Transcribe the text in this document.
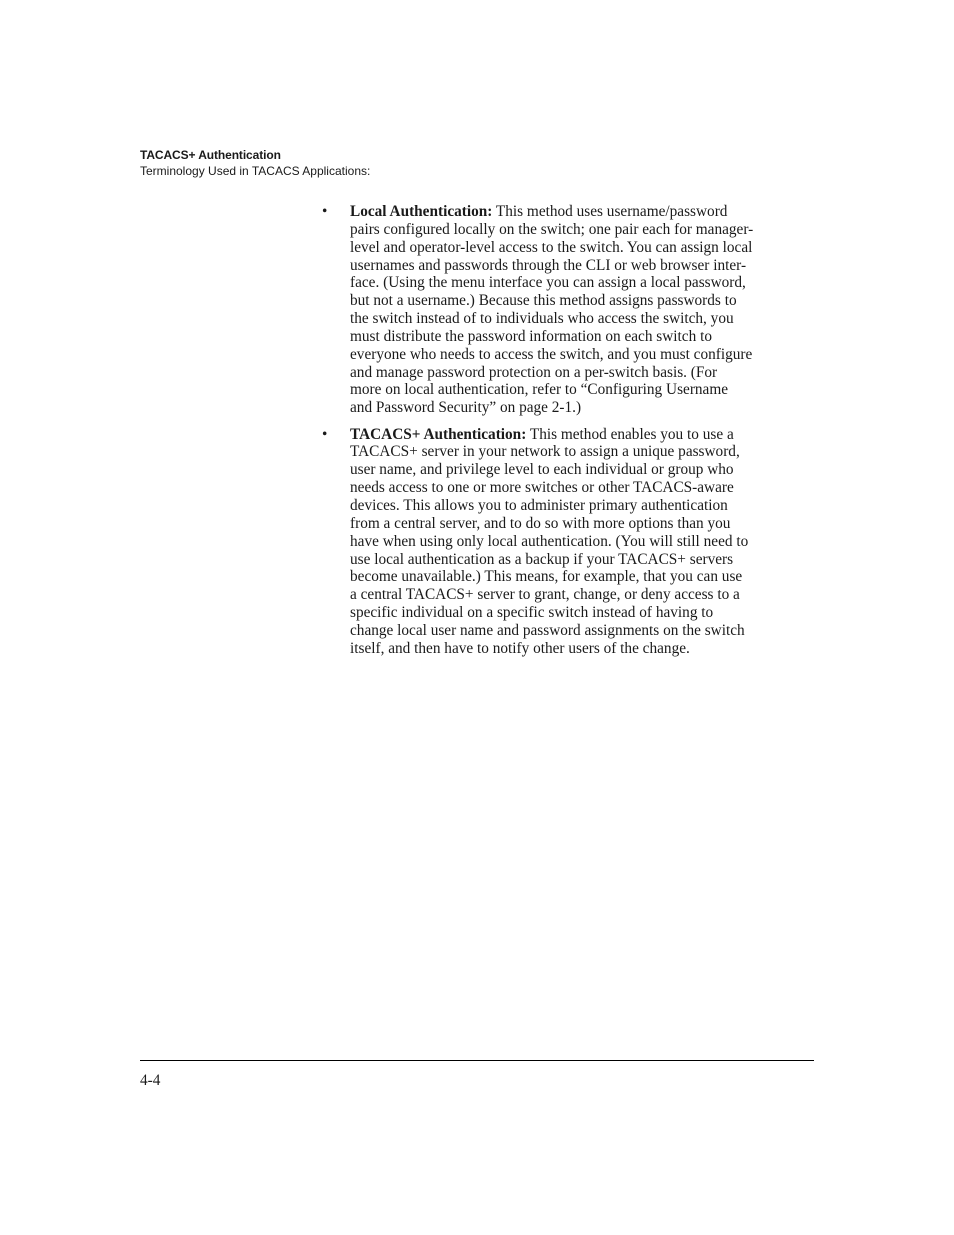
TACACS+ Authentication
Terminology Used in TACACS Applications:
• Local Authentication: This method uses username/password
pairs configured locally on the switch; one pair each for manager-
level and operator-level access to the switch. You can assign local
usernames and passwords through the CLI or web browser inter-
face. (Using the menu interface you can assign a local password,
but not a username.) Because this method assigns passwords to
the switch instead of to individuals who access the switch, you
must distribute the password information on each switch to
everyone who needs to access the switch, and you must configure
and manage password protection on a per-switch basis. (For
more on local authentication, refer to “Configuring Username
and Password Security” on page 2-1.)
• TACACS+ Authentication: This method enables you to use a
TACACS+ server in your network to assign a unique password,
user name, and privilege level to each individual or group who
needs access to one or more switches or other TACACS-aware
devices. This allows you to administer primary authentication
from a central server, and to do so with more options than you
have when using only local authentication. (You will still need to
use local authentication as a backup if your TACACS+ servers
become unavailable.) This means, for example, that you can use
a central TACACS+ server to grant, change, or deny access to a
specific individual on a specific switch instead of having to
change local user name and password assignments on the switch
itself, and then have to notify other users of the change.
4-4
